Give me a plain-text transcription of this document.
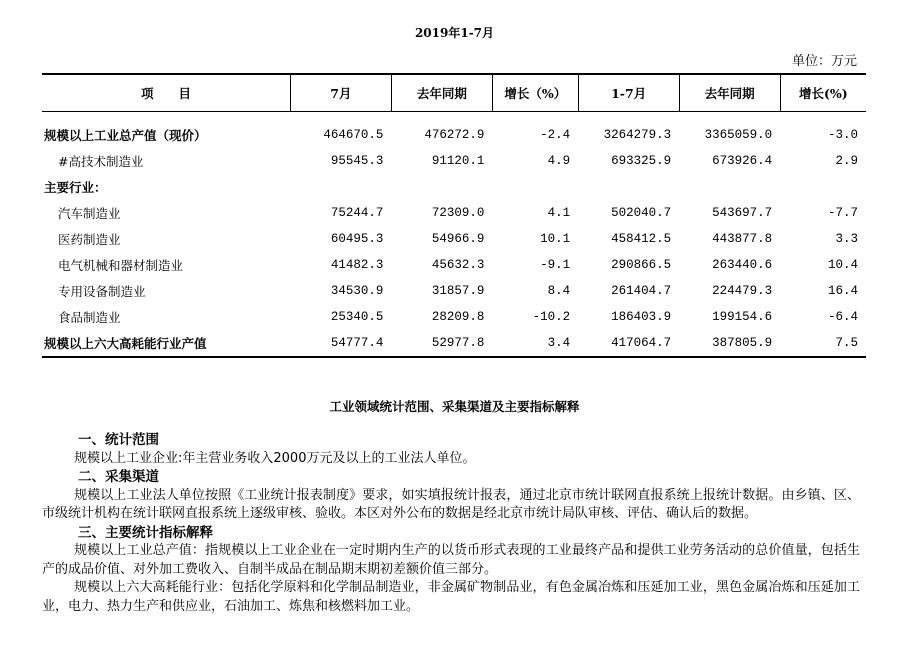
2019年1-7月
单位：万元
项　　目	7月	去年同期	增长（%）	1-7月	去年同期	增长(%)

规模以上工业总产值（现价）	464670.5	476272.9	-2.4	3264279.3	3365059.0	-3.0
#高技术制造业	95545.3	91120.1	4.9	693325.9	673926.4	2.9
主要行业：						
汽车制造业	75244.7	72309.0	4.1	502040.7	543697.7	-7.7
医药制造业	60495.3	54966.9	10.1	458412.5	443877.8	3.3
电气机械和器材制造业	41482.3	45632.3	-9.1	290866.5	263440.6	10.4
专用设备制造业	34530.9	31857.9	8.4	261404.7	224479.3	16.4
食品制造业	25340.5	28209.8	-10.2	186403.9	199154.6	-6.4
规模以上六大高耗能行业产值	54777.4	52977.8	3.4	417064.7	387805.9	7.5
工业领域统计范围、采集渠道及主要指标解释
一、统计范围
规模以上工业企业:年主营业务收入2000万元及以上的工业法人单位。
二、采集渠道
规模以上工业法人单位按照《工业统计报表制度》要求，如实填报统计报表，通过北京市统计联网直报系统上报统计数据。由乡镇、区、市级统计机构在统计联网直报系统上逐级审核、验收。本区对外公布的数据是经北京市统计局队审核、评估、确认后的数据。
三、主要统计指标解释
规模以上工业总产值：指规模以上工业企业在一定时期内生产的以货币形式表现的工业最终产品和提供工业劳务活动的总价值量，包括生产的成品价值、对外加工费收入、自制半成品在制品期末期初差额价值三部分。
规模以上六大高耗能行业：包括化学原料和化学制品制造业，非金属矿物制品业，有色金属冶炼和压延加工业，黑色金属冶炼和压延加工业，电力、热力生产和供应业，石油加工、炼焦和核燃料加工业。
